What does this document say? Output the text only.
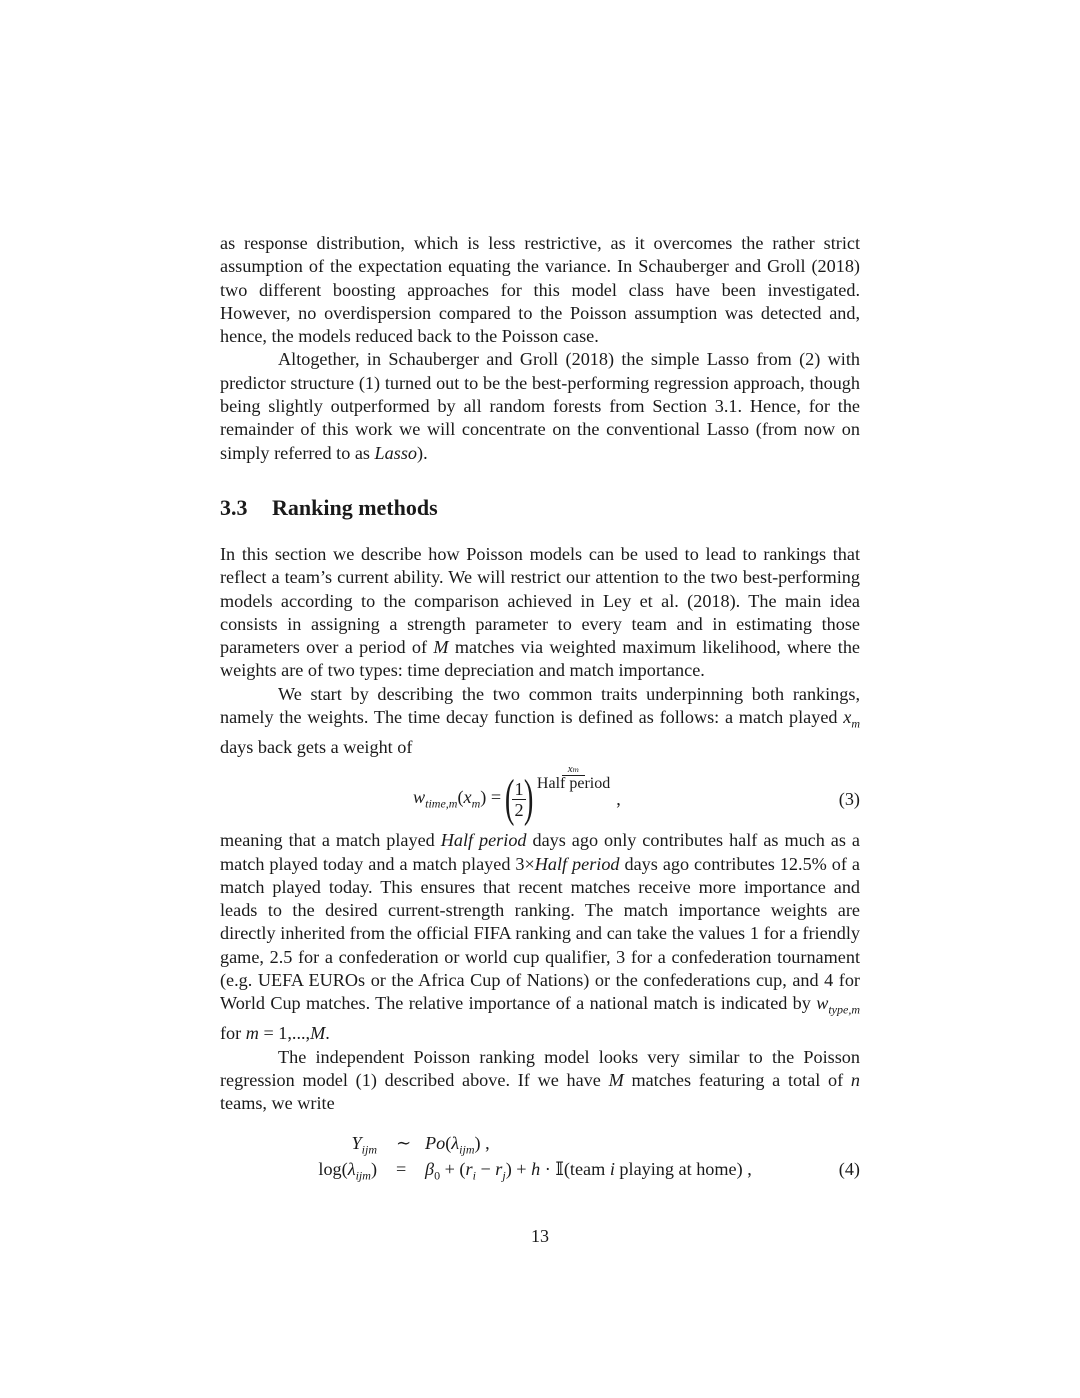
as response distribution, which is less restrictive, as it overcomes the rather strict assumption of the expectation equating the variance. In Schauberger and Groll (2018) two different boosting approaches for this model class have been investigated. However, no overdispersion compared to the Poisson assumption was detected and, hence, the models reduced back to the Poisson case.

Altogether, in Schauberger and Groll (2018) the simple Lasso from (2) with predictor structure (1) turned out to be the best-performing regression approach, though being slightly outperformed by all random forests from Section 3.1. Hence, for the remainder of this work we will concentrate on the conventional Lasso (from now on simply referred to as Lasso).

3.3	Ranking methods

In this section we describe how Poisson models can be used to lead to rankings that reflect a team’s current ability. We will restrict our attention to the two best-performing models according to the comparison achieved in Ley et al. (2018). The main idea consists in assigning a strength parameter to every team and in estimating those parameters over a period of M matches via weighted maximum likelihood, where the weights are of two types: time depreciation and match importance.

We start by describing the two common traits underpinning both rankings, namely the weights. The time decay function is defined as follows: a match played $x_m$ days back gets a weight of

$w_{time,m}(x_m)$ = (
$\frac{1}{2}$
)
xₘ
Half period
,	(3)

meaning that a match played Half period days ago only contributes half as much as a match played today and a match played 3×Half period days ago contributes 12.5% of a match played today. This ensures that recent matches receive more importance and leads to the desired current-strength ranking. The match importance weights are directly inherited from the official FIFA ranking and can take the values 1 for a friendly game, 2.5 for a confederation or world cup qualifier, 3 for a confederation tournament (e.g. UEFA EUROs or the Africa Cup of Nations) or the confederations cup, and 4 for World Cup matches. The relative importance of a national match is indicated by $w_{type,m}$ for m = 1,...,M.

The independent Poisson ranking model looks very similar to the Poisson regression model (1) described above. If we have M matches featuring a total of n teams, we write

$Y_{ijm}$ ∼ $Po(\lambda_{ijm})$ ,
$\log(\lambda_{ijm}) = \beta_0 + (r_i - r_j) + h$ · 𝕀(team i playing at home) ,	(4)
13
